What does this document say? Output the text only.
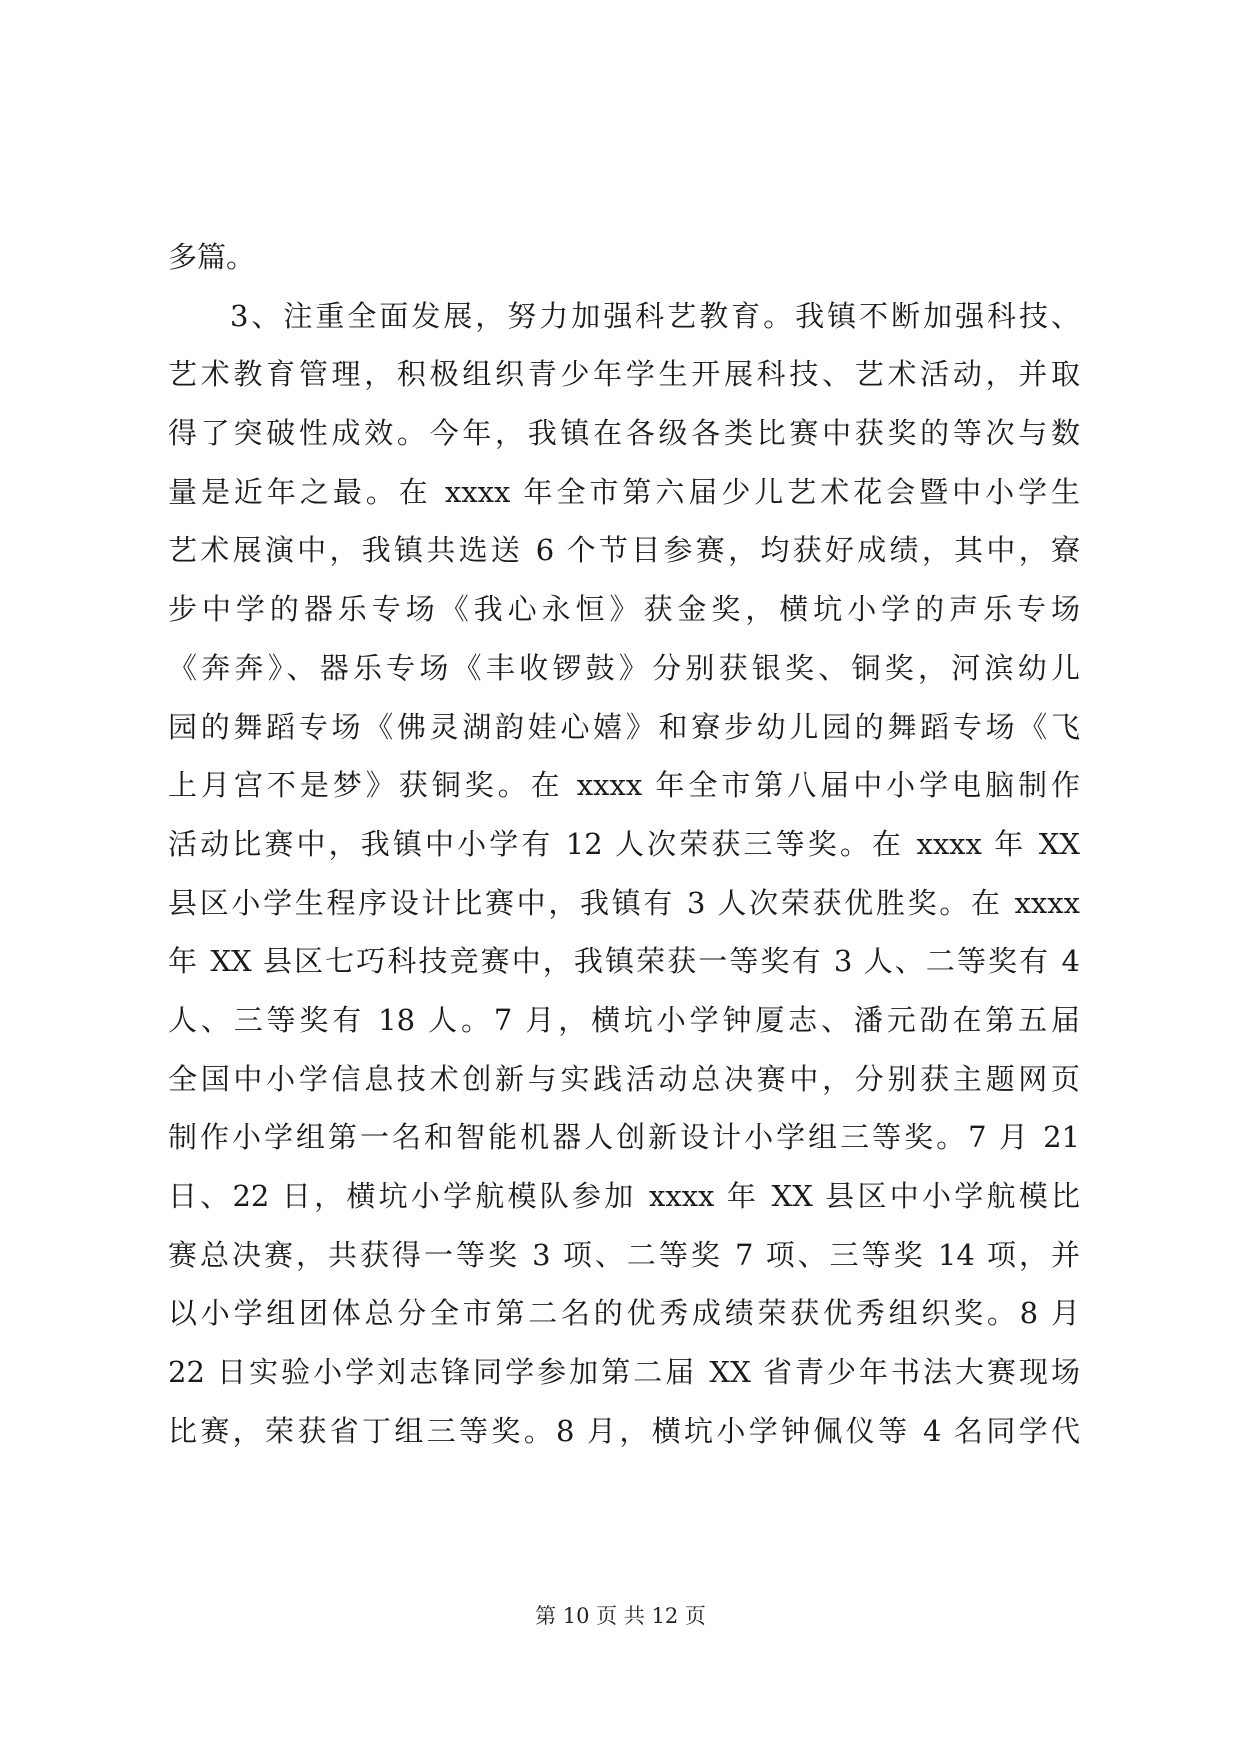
多篇。
3、注重全面发展，努力加强科艺教育。我镇不断加强科技、
艺术教育管理，积极组织青少年学生开展科技、艺术活动，并取
得了突破性成效。今年，我镇在各级各类比赛中获奖的等次与数
量是近年之最。在 xxxx 年全市第六届少儿艺术花会暨中小学生
艺术展演中，我镇共选送 6 个节目参赛，均获好成绩，其中，寮
步中学的器乐专场《我心永恒》获金奖，横坑小学的声乐专场
《奔奔》、器乐专场《丰收锣鼓》分别获银奖、铜奖，河滨幼儿
园的舞蹈专场《佛灵湖韵娃心嬉》和寮步幼儿园的舞蹈专场《飞
上月宫不是梦》获铜奖。在 xxxx 年全市第八届中小学电脑制作
活动比赛中，我镇中小学有 12 人次荣获三等奖。在 xxxx 年 XX
县区小学生程序设计比赛中，我镇有 3 人次荣获优胜奖。在 xxxx
年 XX 县区七巧科技竞赛中，我镇荣获一等奖有 3 人、二等奖有 4
人、三等奖有 18 人。7 月，横坑小学钟厦志、潘元劭在第五届
全国中小学信息技术创新与实践活动总决赛中，分别获主题网页
制作小学组第一名和智能机器人创新设计小学组三等奖。7 月 21
日、22 日，横坑小学航模队参加 xxxx 年 XX 县区中小学航模比
赛总决赛，共获得一等奖 3 项、二等奖 7 项、三等奖 14 项，并
以小学组团体总分全市第二名的优秀成绩荣获优秀组织奖。8 月
22 日实验小学刘志锋同学参加第二届 XX 省青少年书法大赛现场
比赛，荣获省丁组三等奖。8 月，横坑小学钟佩仪等 4 名同学代
第 10 页 共 12 页
